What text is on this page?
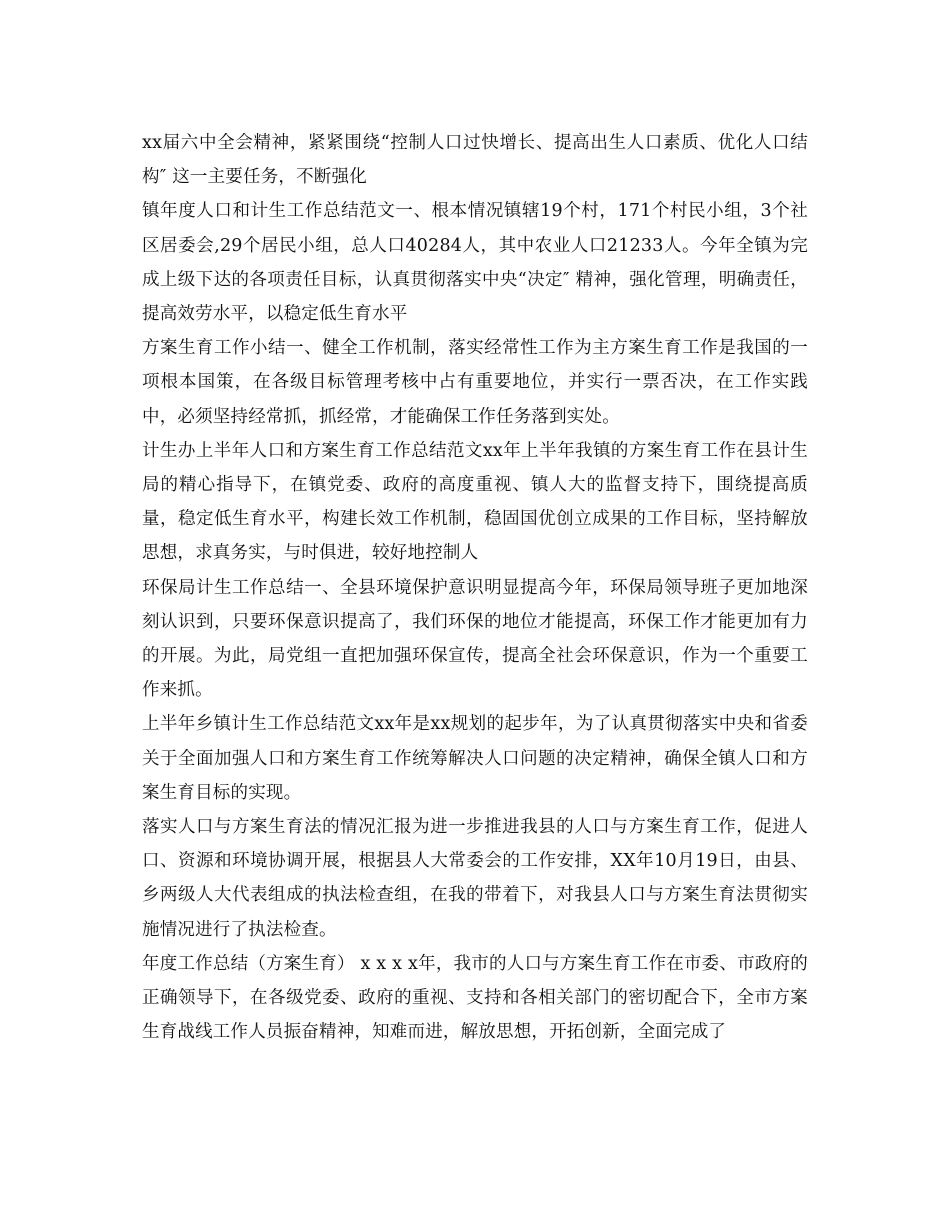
xx届六中全会精神，紧紧围绕“控制人口过快增长、提高出生人口素质、优化人口结构″ 这一主要任务，不断强化

镇年度人口和计生工作总结范文一、根本情况镇辖19个村，171个村民小组，3个社区居委会,29个居民小组，总人口40284人，其中农业人口21233人。今年全镇为完成上级下达的各项责任目标，认真贯彻落实中央“决定″ 精神，强化管理，明确责任，提高效劳水平，以稳定低生育水平

方案生育工作小结一、健全工作机制，落实经常性工作为主方案生育工作是我国的一项根本国策，在各级目标管理考核中占有重要地位，并实行一票否决，在工作实践中，必须坚持经常抓，抓经常，才能确保工作任务落到实处。

计生办上半年人口和方案生育工作总结范文xx年上半年我镇的方案生育工作在县计生局的精心指导下，在镇党委、政府的高度重视、镇人大的监督支持下，围绕提高质量，稳定低生育水平，构建长效工作机制，稳固国优创立成果的工作目标，坚持解放思想，求真务实，与时俱进，较好地控制人

环保局计生工作总结一、全县环境保护意识明显提高今年，环保局领导班子更加地深刻认识到，只要环保意识提高了，我们环保的地位才能提高，环保工作才能更加有力的开展。为此，局党组一直把加强环保宣传，提高全社会环保意识，作为一个重要工作来抓。

上半年乡镇计生工作总结范文xx年是xx规划的起步年，为了认真贯彻落实中央和省委关于全面加强人口和方案生育工作统筹解决人口问题的决定精神，确保全镇人口和方案生育目标的实现。

落实人口与方案生育法的情况汇报为进一步推进我县的人口与方案生育工作，促进人口、资源和环境协调开展，根据县人大常委会的工作安排，XX年10月19日，由县、乡两级人大代表组成的执法检查组，在我的带着下，对我县人口与方案生育法贯彻实施情况进行了执法检查。

年度工作总结（方案生育） x x x x年，我市的人口与方案生育工作在市委、市政府的正确领导下，在各级党委、政府的重视、支持和各相关部门的密切配合下，全市方案生育战线工作人员振奋精神，知难而进，解放思想，开拓创新，全面完成了
